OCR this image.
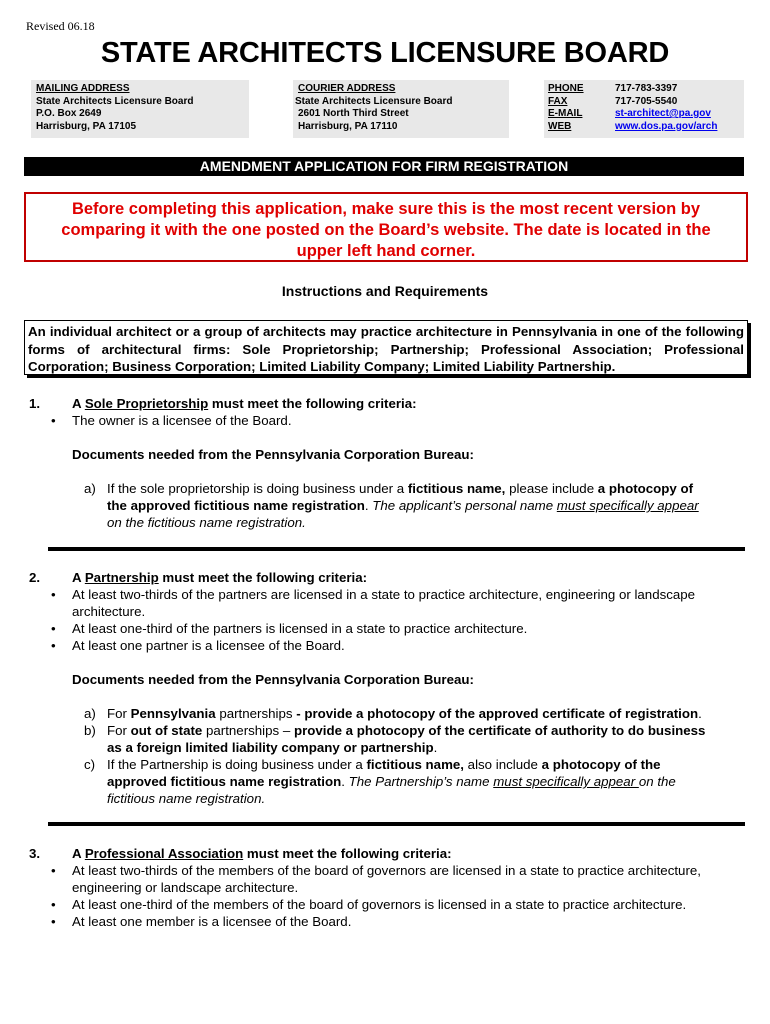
Revised 06.18
STATE ARCHITECTS LICENSURE BOARD
MAILING ADDRESS
State Architects Licensure Board
P.O. Box 2649
Harrisburg, PA 17105
COURIER ADDRESS
State Architects Licensure Board
2601 North Third Street
Harrisburg, PA 17110
PHONE	717-783-3397
FAX	717-705-5540
E-MAIL	st-architect@pa.gov
WEB	www.dos.pa.gov/arch
AMENDMENT APPLICATION FOR FIRM REGISTRATION
Before completing this application, make sure this is the most recent version by
comparing it with the one posted on the Board’s website. The date is located in the
upper left hand corner.
Instructions and Requirements
An individual architect or a group of architects may practice architecture in Pennsylvania in one of the following forms of architectural firms: Sole Proprietorship; Partnership; Professional Association; Professional Corporation; Business Corporation; Limited Liability Company; Limited Liability Partnership.
1. A Sole Proprietorship must meet the following criteria:
• The owner is a licensee of the Board.
Documents needed from the Pennsylvania Corporation Bureau:
a) If the sole proprietorship is doing business under a fictitious name, please include a photocopy of
the approved fictitious name registration. The applicant’s personal name must specifically appear
on the fictitious name registration.
2. A Partnership must meet the following criteria:
• At least two-thirds of the partners are licensed in a state to practice architecture, engineering or landscape
architecture.
• At least one-third of the partners is licensed in a state to practice architecture.
• At least one partner is a licensee of the Board.
Documents needed from the Pennsylvania Corporation Bureau:
a) For Pennsylvania partnerships - provide a photocopy of the approved certificate of registration.
b) For out of state partnerships – provide a photocopy of the certificate of authority to do business
as a foreign limited liability company or partnership.
c) If the Partnership is doing business under a fictitious name, also include a photocopy of the
approved fictitious name registration. The Partnership’s name must specifically appear on the
fictitious name registration.
3. A Professional Association must meet the following criteria:
• At least two-thirds of the members of the board of governors are licensed in a state to practice architecture,
engineering or landscape architecture.
• At least one-third of the members of the board of governors is licensed in a state to practice architecture.
• At least one member is a licensee of the Board.
